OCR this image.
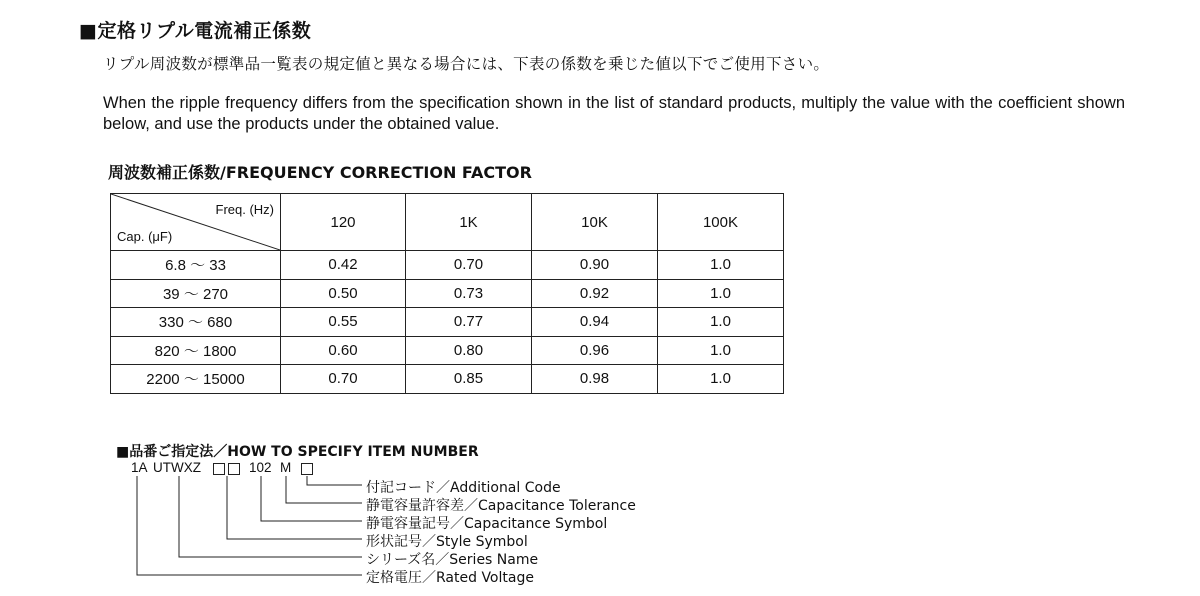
■定格リプル電流補正係数
リプル周波数が標準品一覧表の規定値と異なる場合には、下表の係数を乗じた値以下でご使用下さい。
When the ripple frequency differs from the specification shown in the list of standard products, multiply the value with the coefficient shown below, and use the products under the obtained value.
周波数補正係数/FREQUENCY CORRECTION FACTOR
Freq. (Hz)
Cap. (μF)	120	1K	10K	100K
6.8 ～ 33	0.42	0.70	0.90	1.0
39 ～ 270	0.50	0.73	0.92	1.0
330 ～ 680	0.55	0.77	0.94	1.0
820 ～ 1800	0.60	0.80	0.96	1.0
2200 ～ 15000	0.70	0.85	0.98	1.0
■品番ご指定法／HOW TO SPECIFY ITEM NUMBER
1A UTWXZ	102 M
付記コード／Additional Code
静電容量許容差／Capacitance Tolerance
静電容量記号／Capacitance Symbol
形状記号／Style Symbol
シリーズ名／Series Name
定格電圧／Rated Voltage
